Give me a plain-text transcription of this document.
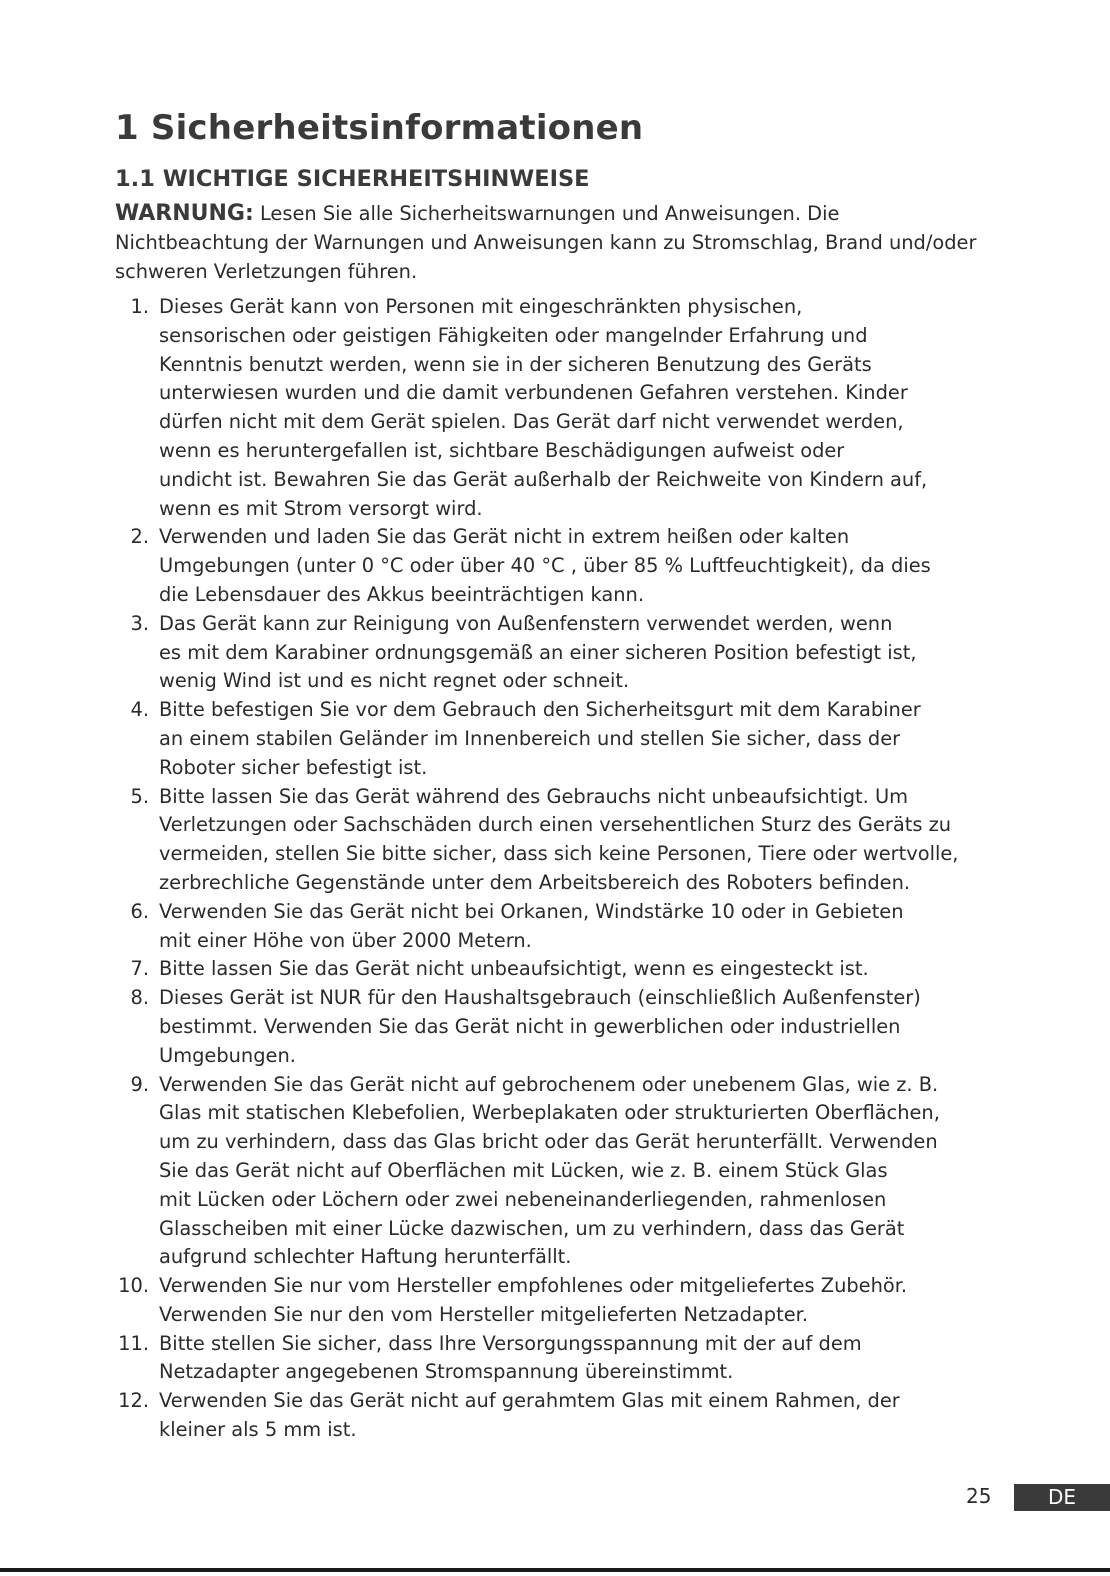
1 Sicherheitsinformationen
1.1 WICHTIGE SICHERHEITSHINWEISE

WARNUNG: Lesen Sie alle Sicherheitswarnungen und Anweisungen. Die Nichtbeachtung der Warnungen und Anweisungen kann zu Stromschlag, Brand und/oder schweren Verletzungen führen.

1. Dieses Gerät kann von Personen mit eingeschränkten physischen,
sensorischen oder geistigen Fähigkeiten oder mangelnder Erfahrung und
Kenntnis benutzt werden, wenn sie in der sicheren Benutzung des Geräts
unterwiesen wurden und die damit verbundenen Gefahren verstehen. Kinder
dürfen nicht mit dem Gerät spielen. Das Gerät darf nicht verwendet werden,
wenn es heruntergefallen ist, sichtbare Beschädigungen aufweist oder
undicht ist. Bewahren Sie das Gerät außerhalb der Reichweite von Kindern auf,
wenn es mit Strom versorgt wird.
2. Verwenden und laden Sie das Gerät nicht in extrem heißen oder kalten
Umgebungen (unter 0 °C oder über 40 °C , über 85 % Luftfeuchtigkeit), da dies
die Lebensdauer des Akkus beeinträchtigen kann.
3. Das Gerät kann zur Reinigung von Außenfenstern verwendet werden, wenn
es mit dem Karabiner ordnungsgemäß an einer sicheren Position befestigt ist,
wenig Wind ist und es nicht regnet oder schneit.
4. Bitte befestigen Sie vor dem Gebrauch den Sicherheitsgurt mit dem Karabiner
an einem stabilen Geländer im Innenbereich und stellen Sie sicher, dass der
Roboter sicher befestigt ist.
5. Bitte lassen Sie das Gerät während des Gebrauchs nicht unbeaufsichtigt. Um
Verletzungen oder Sachschäden durch einen versehentlichen Sturz des Geräts zu
vermeiden, stellen Sie bitte sicher, dass sich keine Personen, Tiere oder wertvolle,
zerbrechliche Gegenstände unter dem Arbeitsbereich des Roboters befinden.
6. Verwenden Sie das Gerät nicht bei Orkanen, Windstärke 10 oder in Gebieten
mit einer Höhe von über 2000 Metern.
7. Bitte lassen Sie das Gerät nicht unbeaufsichtigt, wenn es eingesteckt ist.
8. Dieses Gerät ist NUR für den Haushaltsgebrauch (einschließlich Außenfenster)
bestimmt. Verwenden Sie das Gerät nicht in gewerblichen oder industriellen
Umgebungen.
9. Verwenden Sie das Gerät nicht auf gebrochenem oder unebenem Glas, wie z. B.
Glas mit statischen Klebefolien, Werbeplakaten oder strukturierten Oberflächen,
um zu verhindern, dass das Glas bricht oder das Gerät herunterfällt. Verwenden
Sie das Gerät nicht auf Oberflächen mit Lücken, wie z. B. einem Stück Glas
mit Lücken oder Löchern oder zwei nebeneinanderliegenden, rahmenlosen
Glasscheiben mit einer Lücke dazwischen, um zu verhindern, dass das Gerät
aufgrund schlechter Haftung herunterfällt.
10. Verwenden Sie nur vom Hersteller empfohlenes oder mitgeliefertes Zubehör.
Verwenden Sie nur den vom Hersteller mitgelieferten Netzadapter.
11. Bitte stellen Sie sicher, dass Ihre Versorgungsspannung mit der auf dem
Netzadapter angegebenen Stromspannung übereinstimmt.
12. Verwenden Sie das Gerät nicht auf gerahmtem Glas mit einem Rahmen, der
kleiner als 5 mm ist.
25	DE
